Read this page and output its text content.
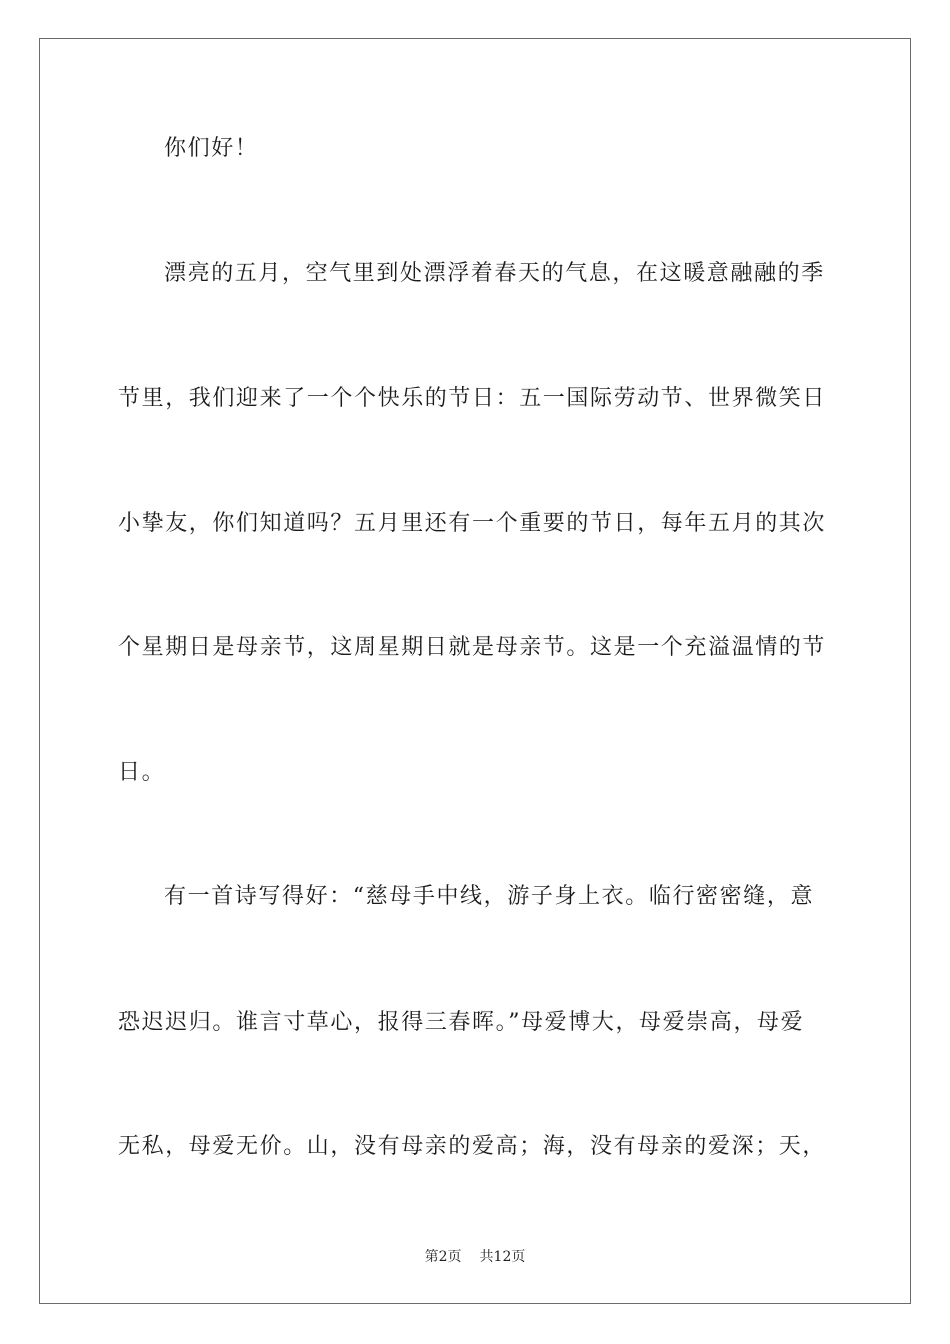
你们好！
漂亮的五月，空气里到处漂浮着春天的气息，在这暖意融融的季
节里，我们迎来了一个个快乐的节日：五一国际劳动节、世界微笑日
小挚友，你们知道吗？五月里还有一个重要的节日，每年五月的其次
个星期日是母亲节，这周星期日就是母亲节。这是一个充溢温情的节
日。
有一首诗写得好：“慈母手中线，游子身上衣。临行密密缝，意
恐迟迟归。谁言寸草心，报得三春晖。”母爱博大，母爱崇高，母爱
无私，母爱无价。山，没有母亲的爱高；海，没有母亲的爱深；天，
第2页 共12页
